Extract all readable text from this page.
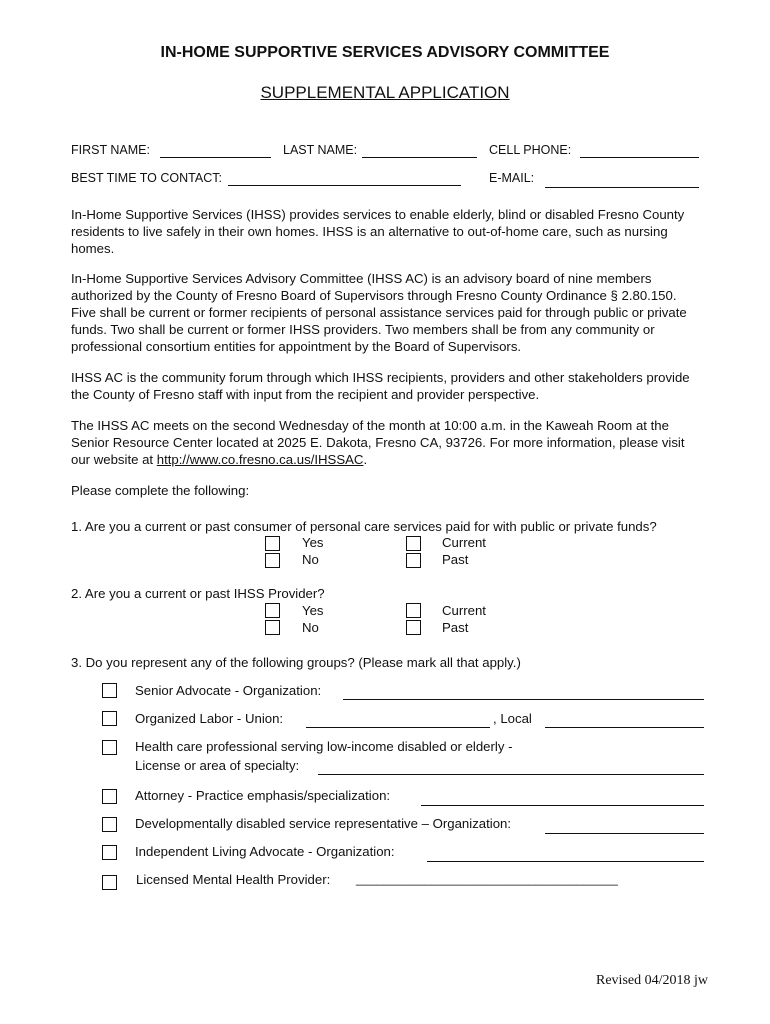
IN-HOME SUPPORTIVE SERVICES ADVISORY COMMITTEE
SUPPLEMENTAL APPLICATION
FIRST NAME:	LAST NAME:	CELL PHONE:
BEST TIME TO CONTACT:	E-MAIL:
In-Home Supportive Services (IHSS) provides services to enable elderly, blind or disabled Fresno County residents to live safely in their own homes. IHSS is an alternative to out-of-home care, such as nursing homes.
In-Home Supportive Services Advisory Committee (IHSS AC) is an advisory board of nine members authorized by the County of Fresno Board of Supervisors through Fresno County Ordinance § 2.80.150. Five shall be current or former recipients of personal assistance services paid for through public or private funds. Two shall be current or former IHSS providers. Two members shall be from any community or professional consortium entities for appointment by the Board of Supervisors.
IHSS AC is the community forum through which IHSS recipients, providers and other stakeholders provide the County of Fresno staff with input from the recipient and provider perspective.
The IHSS AC meets on the second Wednesday of the month at 10:00 a.m. in the Kaweah Room at the Senior Resource Center located at 2025 E. Dakota, Fresno CA, 93726. For more information, please visit our website at http://www.co.fresno.ca.us/IHSSAC.
Please complete the following:
1. Are you a current or past consumer of personal care services paid for with public or private funds?
Yes	Current
No	Past
2. Are you a current or past IHSS Provider?
Yes	Current
No	Past
3. Do you represent any of the following groups? (Please mark all that apply.)
Senior Advocate - Organization:
Organized Labor - Union:	, Local
Health care professional serving low-income disabled or elderly -
License or area of specialty:
Attorney - Practice emphasis/specialization:
Developmentally disabled service representative – Organization:
Independent Living Advocate - Organization:
Licensed Mental Health Provider: ______________________________________
Revised 04/2018 jw
